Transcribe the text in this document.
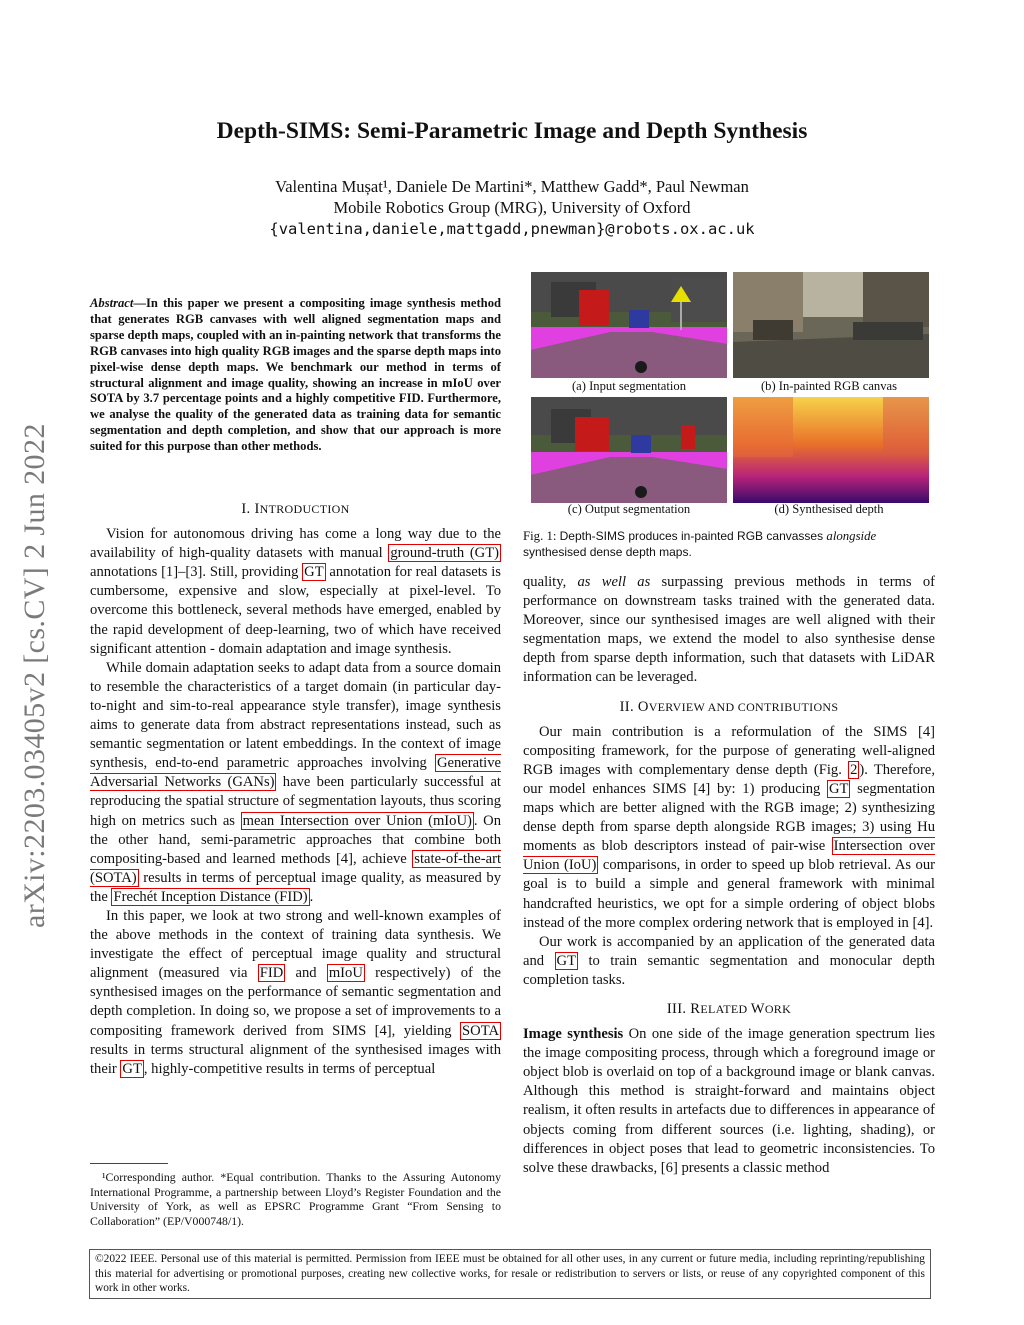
Depth-SIMS: Semi-Parametric Image and Depth Synthesis
Valentina Mușat¹, Daniele De Martini*, Matthew Gadd*, Paul Newman
Mobile Robotics Group (MRG), University of Oxford
{valentina,daniele,mattgadd,pnewman}@robots.ox.ac.uk
arXiv:2203.03405v2 [cs.CV] 2 Jun 2022
Abstract—In this paper we present a compositing image synthesis method that generates RGB canvases with well aligned segmentation maps and sparse depth maps, coupled with an in-painting network that transforms the RGB canvases into high quality RGB images and the sparse depth maps into pixel-wise dense depth maps. We benchmark our method in terms of structural alignment and image quality, showing an increase in mIoU over SOTA by 3.7 percentage points and a highly competitive FID. Furthermore, we analyse the quality of the generated data as training data for semantic segmentation and depth completion, and show that our approach is more suited for this purpose than other methods.
I. INTRODUCTION

Vision for autonomous driving has come a long way due to the availability of high-quality datasets with manual ground-truth (GT) annotations [1]–[3]. Still, providing GT annotation for real datasets is cumbersome, expensive and slow, especially at pixel-level. To overcome this bottleneck, several methods have emerged, enabled by the rapid development of deep-learning, two of which have received significant attention - domain adaptation and image synthesis.

While domain adaptation seeks to adapt data from a source domain to resemble the characteristics of a target domain (in particular day-to-night and sim-to-real appearance style transfer), image synthesis aims to generate data from abstract representations instead, such as semantic segmentation or latent embeddings. In the context of image synthesis, end-to-end parametric approaches involving Generative Adversarial Networks (GANs) have been particularly successful at reproducing the spatial structure of segmentation layouts, thus scoring high on metrics such as mean Intersection over Union (mIoU) . On the other hand, semi-parametric approaches that combine both compositing-based and learned methods [4], achieve state-of-the-art (SOTA) results in terms of perceptual image quality, as measured by the Frechét Inception Distance (FID) .

In this paper, we look at two strong and well-known examples of the above methods in the context of training data synthesis. We investigate the effect of perceptual image quality and structural alignment (measured via FID and mIoU respectively) of the synthesised images on the performance of semantic segmentation and depth completion. In doing so, we propose a set of improvements to a compositing framework derived from SIMS [4], yielding SOTA results in terms structural alignment of the synthesised images with their GT , highly-competitive results in terms of perceptual

¹Corresponding author. *Equal contribution. Thanks to the Assuring Autonomy International Programme, a partnership between Lloyd’s Register Foundation and the University of York, as well as EPSRC Programme Grant “From Sensing to Collaboration” (EP/V000748/1).

(a) Input segmentation	(b) In-painted RGB canvas
(c) Output segmentation	(d) Synthesised depth
Fig. 1: Depth-SIMS produces in-painted RGB canvasses alongside synthesised dense depth maps.

quality, as well as surpassing previous methods in terms of performance on downstream tasks trained with the generated data. Moreover, since our synthesised images are well aligned with their segmentation maps, we extend the model to also synthesise dense depth from sparse depth information, such that datasets with LiDAR information can be leveraged.

II. OVERVIEW AND CONTRIBUTIONS

Our main contribution is a reformulation of the SIMS [4] compositing framework, for the purpose of generating well-aligned RGB images with complementary dense depth (Fig. 2 ). Therefore, our model enhances SIMS [4] by: 1) producing GT segmentation maps which are better aligned with the RGB image; 2) synthesizing dense depth from sparse depth alongside RGB images; 3) using Hu moments as blob descriptors instead of pair-wise Intersection over Union (IoU) comparisons, in order to speed up blob retrieval. As our goal is to build a simple and general framework with minimal handcrafted heuristics, we opt for a simple ordering of object blobs instead of the more complex ordering network that is employed in [4].

Our work is accompanied by an application of the generated data and GT to train semantic segmentation and monocular depth completion tasks.

III. RELATED WORK

Image synthesis On one side of the image generation spectrum lies the image compositing process, through which a foreground image or object blob is overlaid on top of a background image or blank canvas. Although this method is straight-forward and maintains object realism, it often results in artefacts due to differences in appearance of objects coming from different sources (i.e. lighting, shading), or differences in object poses that lead to geometric inconsistencies. To solve these drawbacks, [6] presents a classic method

©2022 IEEE. Personal use of this material is permitted. Permission from IEEE must be obtained for all other uses, in any current or future media, including reprinting/republishing this material for advertising or promotional purposes, creating new collective works, for resale or redistribution to servers or lists, or reuse of any copyrighted component of this work in other works.
